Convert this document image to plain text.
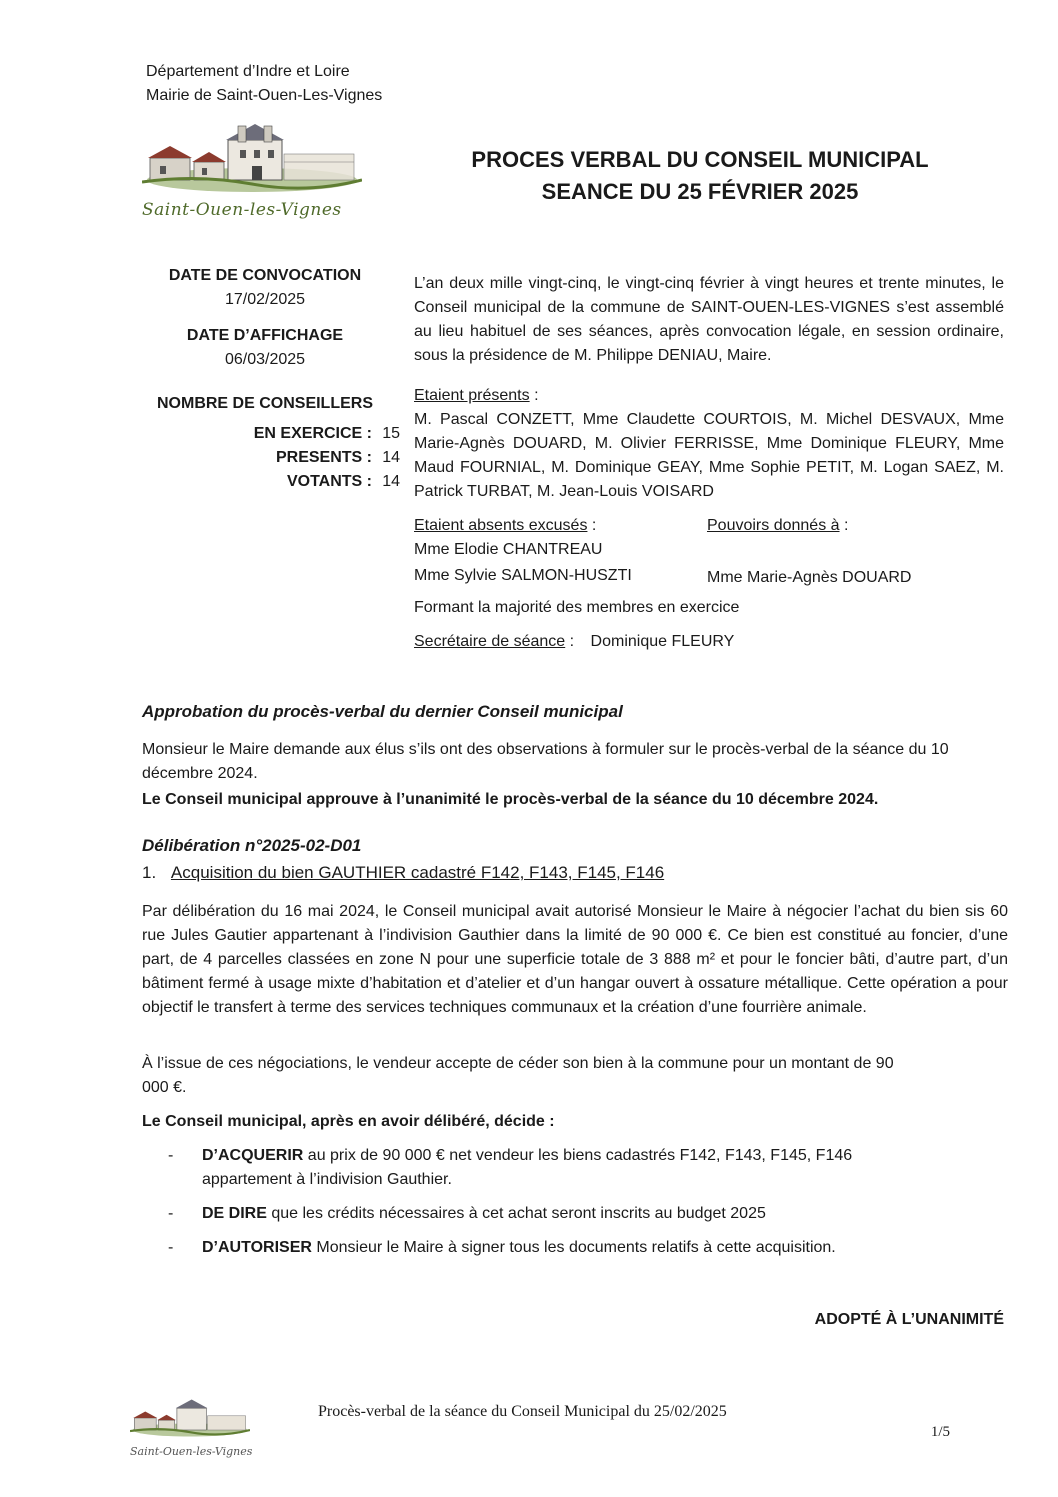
Département d’Indre et Loire
Mairie de Saint-Ouen-Les-Vignes
Saint-Ouen-les-Vignes
PROCES VERBAL DU CONSEIL MUNICIPAL
SEANCE DU 25 FÉVRIER 2025
DATE DE CONVOCATION
17/02/2025
DATE D’AFFICHAGE
06/03/2025
NOMBRE DE CONSEILLERS
EN EXERCICE : 15
PRESENTS : 14
VOTANTS : 14
L’an deux mille vingt-cinq, le vingt-cinq février à vingt heures et trente minutes, le Conseil municipal de la commune de SAINT-OUEN-LES-VIGNES s’est assemblé au lieu habituel de ses séances, après convocation légale, en session ordinaire, sous la présidence de M. Philippe DENIAU, Maire.
Etaient présents :
M. Pascal CONZETT, Mme Claudette COURTOIS, M. Michel DESVAUX, Mme Marie-Agnès DOUARD, M. Olivier FERRISSE, Mme Dominique FLEURY, Mme Maud FOURNIAL, M. Dominique GEAY, Mme Sophie PETIT, M. Logan SAEZ, M. Patrick TURBAT, M. Jean-Louis VOISARD
Etaient absents excusés :
Mme Elodie CHANTREAU
Mme Sylvie SALMON-HUSZTI
Pouvoirs donnés à :
Mme Marie-Agnès DOUARD
Formant la majorité des membres en exercice
Secrétaire de séance : Dominique FLEURY
Approbation du procès-verbal du dernier Conseil municipal
Monsieur le Maire demande aux élus s’ils ont des observations à formuler sur le procès-verbal de la séance du 10 décembre 2024.
Le Conseil municipal approuve à l’unanimité le procès-verbal de la séance du 10 décembre 2024.
Délibération n°2025-02-D01
1. Acquisition du bien GAUTHIER cadastré F142, F143, F145, F146
Par délibération du 16 mai 2024, le Conseil municipal avait autorisé Monsieur le Maire à négocier l’achat du bien sis 60 rue Jules Gautier appartenant à l’indivision Gauthier dans la limité de 90 000 €. Ce bien est constitué au foncier, d’une part, de 4 parcelles classées en zone N pour une superficie totale de 3 888 m² et pour le foncier bâti, d’autre part, d’un bâtiment fermé à usage mixte d’habitation et d’atelier et d’un hangar ouvert à ossature métallique. Cette opération a pour objectif le transfert à terme des services techniques communaux et la création d’une fourrière animale.
À l’issue de ces négociations, le vendeur accepte de céder son bien à la commune pour un montant de 90 000 €.
Le Conseil municipal, après en avoir délibéré, décide :
-	D’ACQUERIR au prix de 90 000 € net vendeur les biens cadastrés F142, F143, F145, F146 appartement à l’indivision Gauthier.
-	DE DIRE que les crédits nécessaires à cet achat seront inscrits au budget 2025
-	D’AUTORISER Monsieur le Maire à signer tous les documents relatifs à cette acquisition.
ADOPTÉ À L’UNANIMITÉ
Saint-Ouen-les-Vignes
Procès-verbal de la séance du Conseil Municipal du 25/02/2025
1/5
